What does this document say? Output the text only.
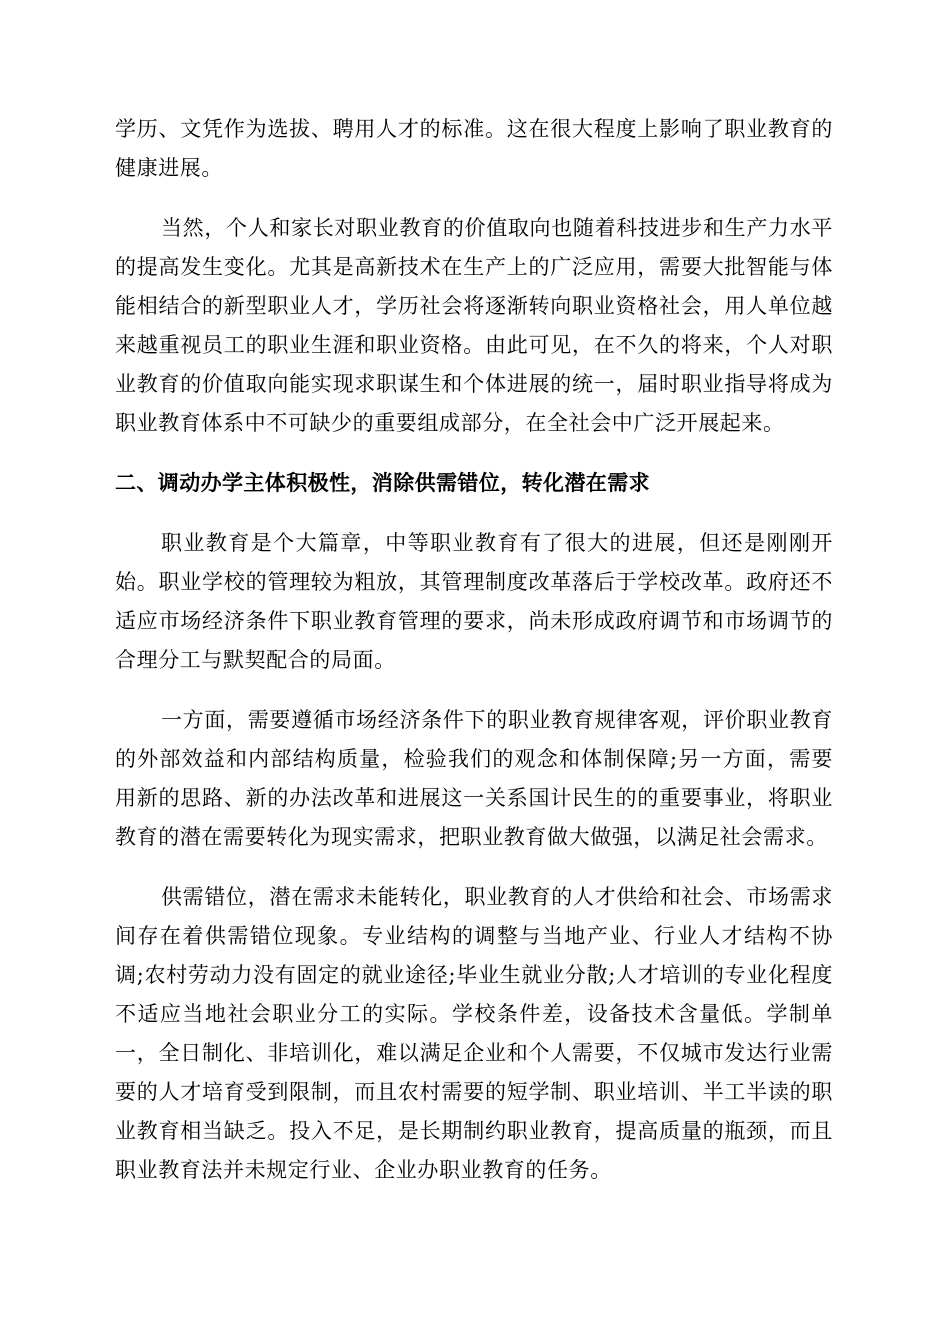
学历、文凭作为选拔、聘用人才的标准。这在很大程度上影响了职业教育的健康进展。

当然，个人和家长对职业教育的价值取向也随着科技进步和生产力水平的提高发生变化。尤其是高新技术在生产上的广泛应用，需要大批智能与体能相结合的新型职业人才，学历社会将逐渐转向职业资格社会，用人单位越来越重视员工的职业生涯和职业资格。由此可见，在不久的将来，个人对职业教育的价值取向能实现求职谋生和个体进展的统一，届时职业指导将成为职业教育体系中不可缺少的重要组成部分，在全社会中广泛开展起来。

二、调动办学主体积极性，消除供需错位，转化潜在需求

职业教育是个大篇章，中等职业教育有了很大的进展，但还是刚刚开始。职业学校的管理较为粗放，其管理制度改革落后于学校改革。政府还不适应市场经济条件下职业教育管理的要求，尚未形成政府调节和市场调节的合理分工与默契配合的局面。

一方面，需要遵循市场经济条件下的职业教育规律客观，评价职业教育的外部效益和内部结构质量，检验我们的观念和体制保障;另一方面，需要用新的思路、新的办法改革和进展这一关系国计民生的的重要事业，将职业教育的潜在需要转化为现实需求，把职业教育做大做强，以满足社会需求。

供需错位，潜在需求未能转化，职业教育的人才供给和社会、市场需求间存在着供需错位现象。专业结构的调整与当地产业、行业人才结构不协调;农村劳动力没有固定的就业途径;毕业生就业分散;人才培训的专业化程度不适应当地社会职业分工的实际。学校条件差，设备技术含量低。学制单一，全日制化、非培训化，难以满足企业和个人需要，不仅城市发达行业需要的人才培育受到限制，而且农村需要的短学制、职业培训、半工半读的职业教育相当缺乏。投入不足，是长期制约职业教育，提高质量的瓶颈，而且职业教育法并未规定行业、企业办职业教育的任务。
